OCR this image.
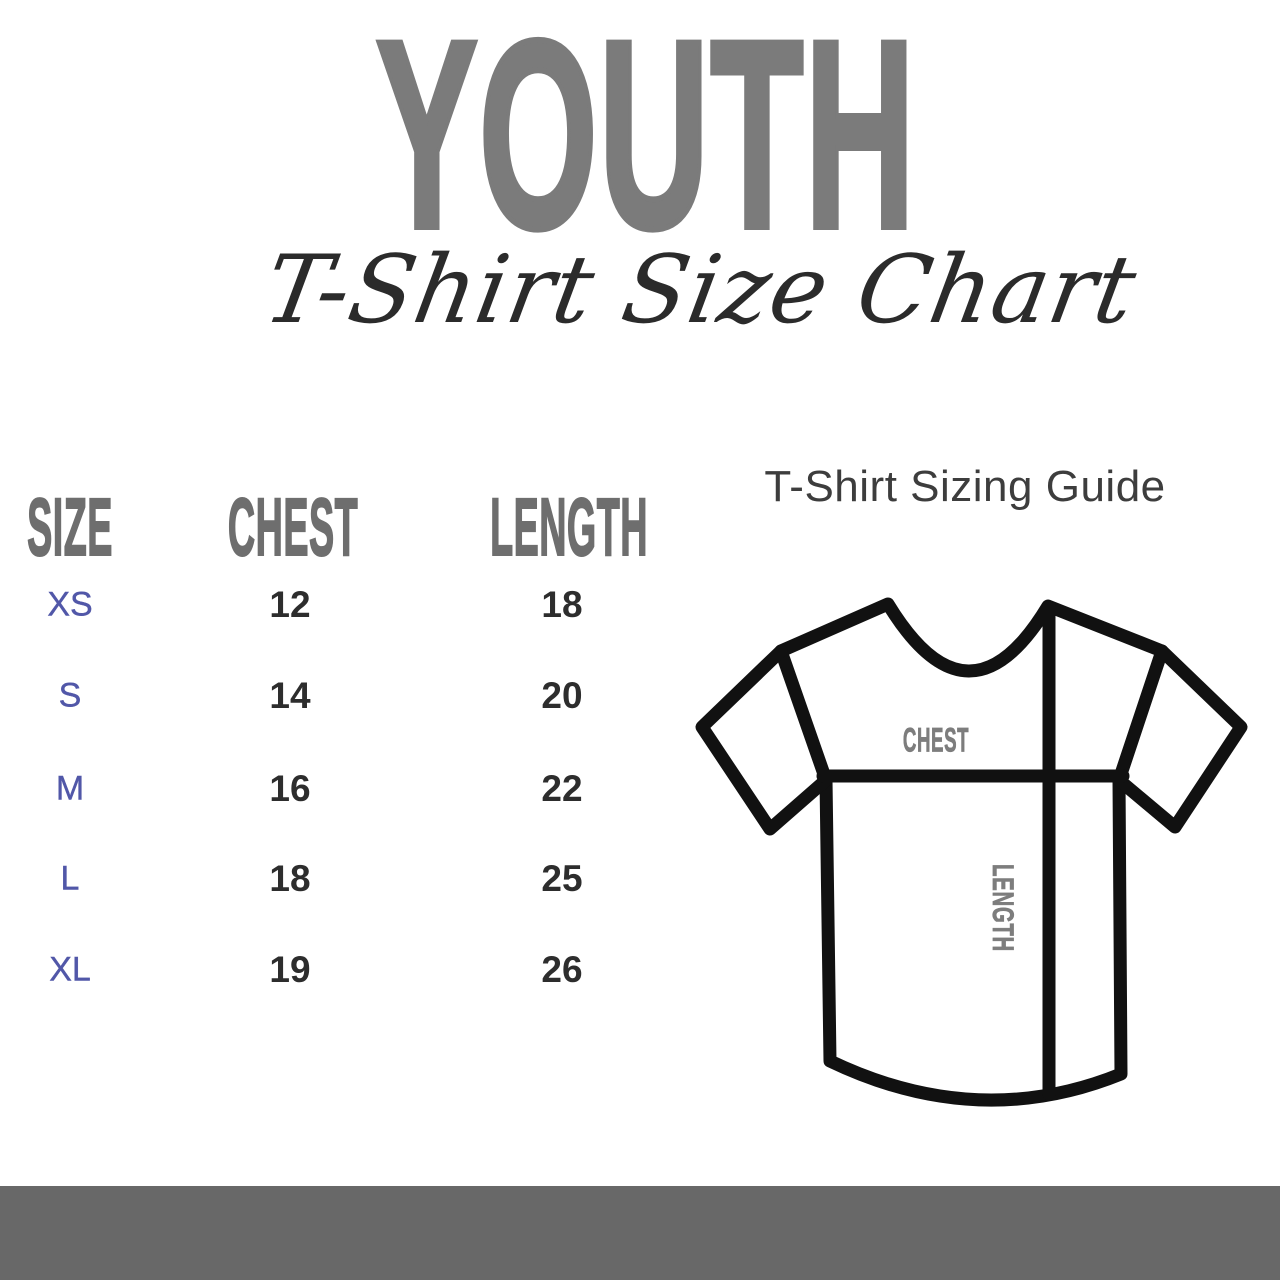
YOUTH
T-Shirt Size Chart
SIZE CHEST LENGTH
XS	12	18
S	14	20
M	16	22
L	18	25
XL	19	26
T-Shirt Sizing Guide
CHEST
LENGTH
